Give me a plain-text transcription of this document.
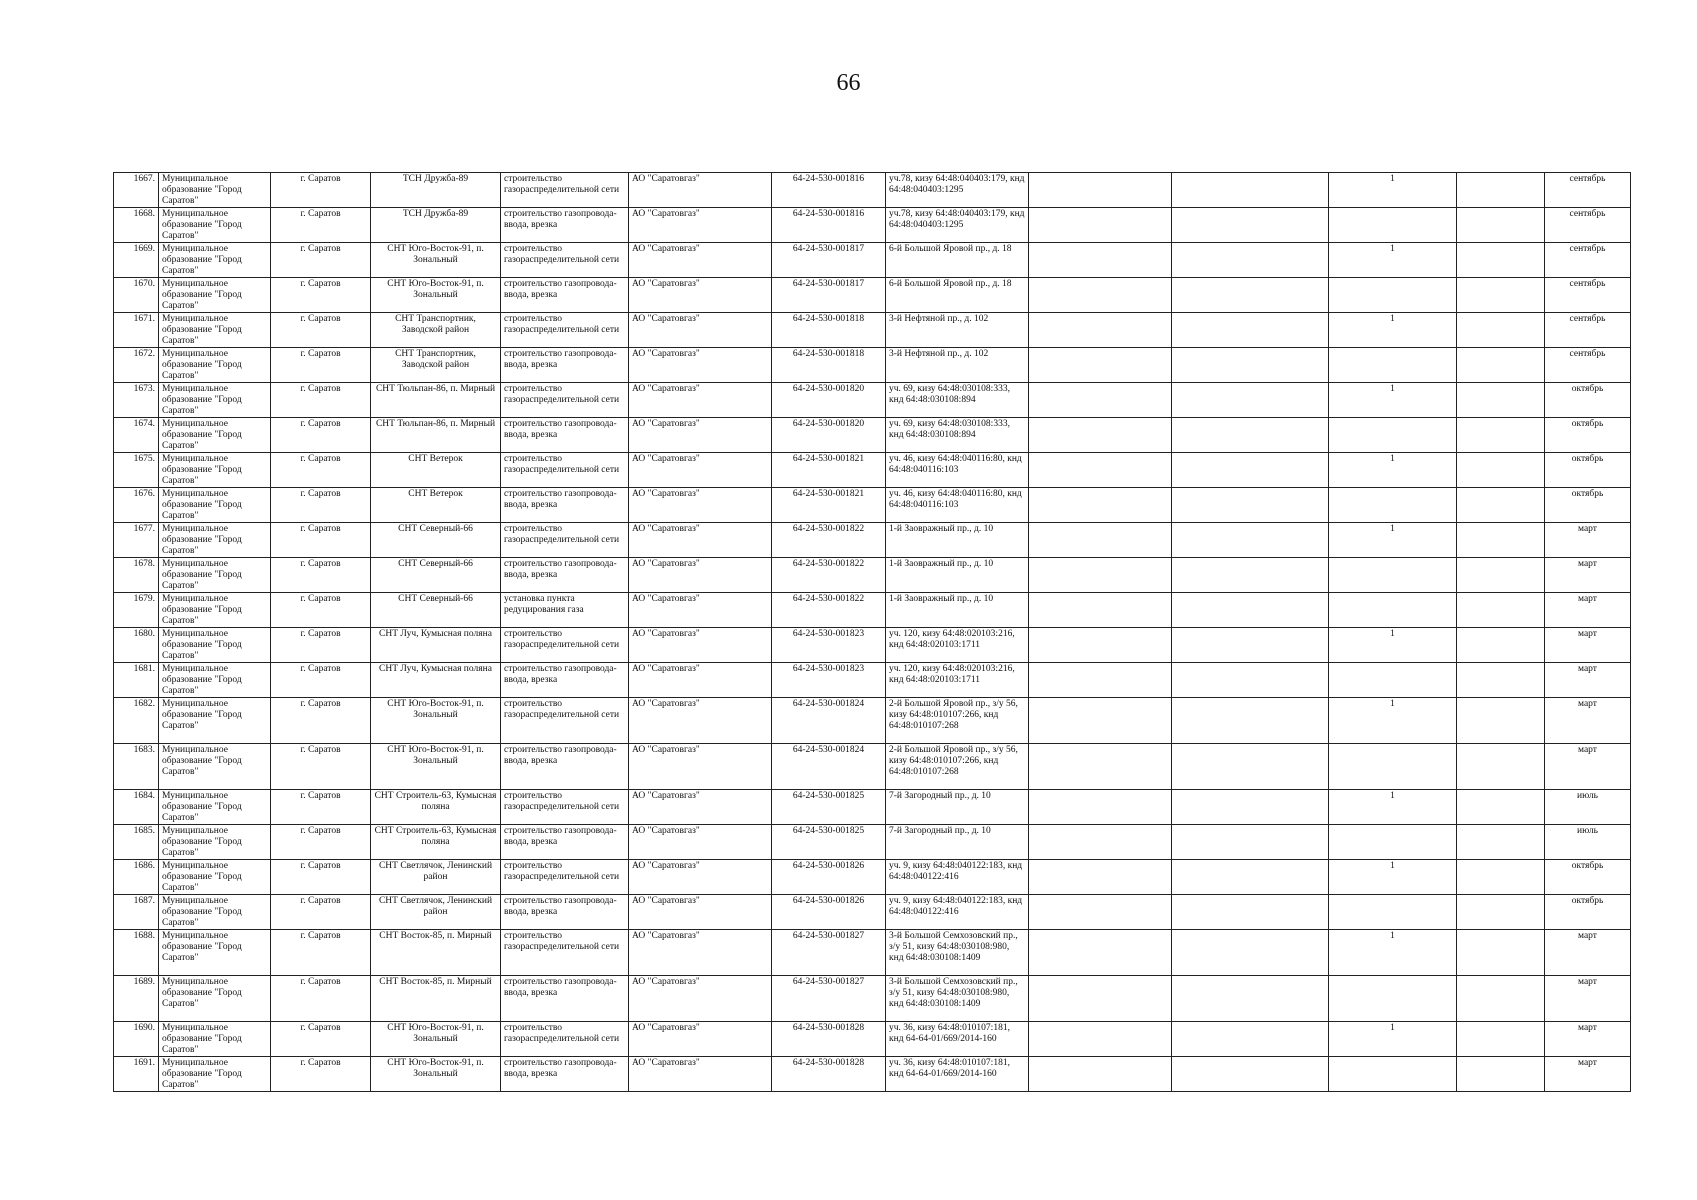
66
1667.	Муниципальное образование "Город Саратов"	г. Саратов	ТСН Дружба-89	строительство газораспределительной сети	АО "Саратовгаз"	64-24-530-001816	уч.78, кизу 64:48:040403:179, кнд 64:48:040403:1295			1		сентябрь	
1668.	Муниципальное образование "Город Саратов"	г. Саратов	ТСН Дружба-89	строительство газопровода-ввода, врезка	АО "Саратовгаз"	64-24-530-001816	уч.78, кизу 64:48:040403:179, кнд 64:48:040403:1295					сентябрь	
1669.	Муниципальное образование "Город Саратов"	г. Саратов	СНТ Юго-Восток-91, п. Зональный	строительство газораспределительной сети	АО "Саратовгаз"	64-24-530-001817	6-й Большой Яровой пр., д. 18			1		сентябрь	
1670.	Муниципальное образование "Город Саратов"	г. Саратов	СНТ Юго-Восток-91, п. Зональный	строительство газопровода-ввода, врезка	АО "Саратовгаз"	64-24-530-001817	6-й Большой Яровой пр., д. 18					сентябрь	
1671.	Муниципальное образование "Город Саратов"	г. Саратов	СНТ Транспортник, Заводской район	строительство газораспределительной сети	АО "Саратовгаз"	64-24-530-001818	3-й Нефтяной пр., д. 102			1		сентябрь	
1672.	Муниципальное образование "Город Саратов"	г. Саратов	СНТ Транспортник, Заводской район	строительство газопровода-ввода, врезка	АО "Саратовгаз"	64-24-530-001818	3-й Нефтяной пр., д. 102					сентябрь	
1673.	Муниципальное образование "Город Саратов"	г. Саратов	СНТ Тюльпан-86, п. Мирный	строительство газораспределительной сети	АО "Саратовгаз"	64-24-530-001820	уч. 69, кизу 64:48:030108:333, кнд 64:48:030108:894			1		октябрь	
1674.	Муниципальное образование "Город Саратов"	г. Саратов	СНТ Тюльпан-86, п. Мирный	строительство газопровода-ввода, врезка	АО "Саратовгаз"	64-24-530-001820	уч. 69, кизу 64:48:030108:333, кнд 64:48:030108:894					октябрь	
1675.	Муниципальное образование "Город Саратов"	г. Саратов	СНТ Ветерок	строительство газораспределительной сети	АО "Саратовгаз"	64-24-530-001821	уч. 46, кизу 64:48:040116:80, кнд 64:48:040116:103			1		октябрь	
1676.	Муниципальное образование "Город Саратов"	г. Саратов	СНТ Ветерок	строительство газопровода-ввода, врезка	АО "Саратовгаз"	64-24-530-001821	уч. 46, кизу 64:48:040116:80, кнд 64:48:040116:103					октябрь	
1677.	Муниципальное образование "Город Саратов"	г. Саратов	СНТ Северный-66	строительство газораспределительной сети	АО "Саратовгаз"	64-24-530-001822	1-й Заовражный пр., д. 10			1		март	
1678.	Муниципальное образование "Город Саратов"	г. Саратов	СНТ Северный-66	строительство газопровода-ввода, врезка	АО "Саратовгаз"	64-24-530-001822	1-й Заовражный пр., д. 10					март	
1679.	Муниципальное образование "Город Саратов"	г. Саратов	СНТ Северный-66	установка пункта редуцирования газа	АО "Саратовгаз"	64-24-530-001822	1-й Заовражный пр., д. 10					март	
1680.	Муниципальное образование "Город Саратов"	г. Саратов	СНТ Луч, Кумысная поляна	строительство газораспределительной сети	АО "Саратовгаз"	64-24-530-001823	уч. 120, кизу 64:48:020103:216, кнд 64:48:020103:1711			1		март	
1681.	Муниципальное образование "Город Саратов"	г. Саратов	СНТ Луч, Кумысная поляна	строительство газопровода-ввода, врезка	АО "Саратовгаз"	64-24-530-001823	уч. 120, кизу 64:48:020103:216, кнд 64:48:020103:1711					март	
1682.	Муниципальное образование "Город Саратов"	г. Саратов	СНТ Юго-Восток-91, п. Зональный	строительство газораспределительной сети	АО "Саратовгаз"	64-24-530-001824	2-й Большой Яровой пр., з/у 56, кизу 64:48:010107:266, кнд 64:48:010107:268			1		март	
1683.	Муниципальное образование "Город Саратов"	г. Саратов	СНТ Юго-Восток-91, п. Зональный	строительство газопровода-ввода, врезка	АО "Саратовгаз"	64-24-530-001824	2-й Большой Яровой пр., з/у 56, кизу 64:48:010107:266, кнд 64:48:010107:268					март	
1684.	Муниципальное образование "Город Саратов"	г. Саратов	СНТ Строитель-63, Кумысная поляна	строительство газораспределительной сети	АО "Саратовгаз"	64-24-530-001825	7-й Загородный пр., д. 10			1		июль	
1685.	Муниципальное образование "Город Саратов"	г. Саратов	СНТ Строитель-63, Кумысная поляна	строительство газопровода-ввода, врезка	АО "Саратовгаз"	64-24-530-001825	7-й Загородный пр., д. 10					июль	
1686.	Муниципальное образование "Город Саратов"	г. Саратов	СНТ Светлячок, Ленинский район	строительство газораспределительной сети	АО "Саратовгаз"	64-24-530-001826	уч. 9, кизу 64:48:040122:183, кнд 64:48:040122:416			1		октябрь	
1687.	Муниципальное образование "Город Саратов"	г. Саратов	СНТ Светлячок, Ленинский район	строительство газопровода-ввода, врезка	АО "Саратовгаз"	64-24-530-001826	уч. 9, кизу 64:48:040122:183, кнд 64:48:040122:416					октябрь	
1688.	Муниципальное образование "Город Саратов"	г. Саратов	СНТ Восток-85, п. Мирный	строительство газораспределительной сети	АО "Саратовгаз"	64-24-530-001827	3-й Большой Семхозовский пр., з/у 51, кизу 64:48:030108:980, кнд 64:48:030108:1409			1		март	
1689.	Муниципальное образование "Город Саратов"	г. Саратов	СНТ Восток-85, п. Мирный	строительство газопровода-ввода, врезка	АО "Саратовгаз"	64-24-530-001827	3-й Большой Семхозовский пр., з/у 51, кизу 64:48:030108:980, кнд 64:48:030108:1409					март	
1690.	Муниципальное образование "Город Саратов"	г. Саратов	СНТ Юго-Восток-91, п. Зональный	строительство газораспределительной сети	АО "Саратовгаз"	64-24-530-001828	уч. 36, кизу 64:48:010107:181, кнд 64-64-01/669/2014-160			1		март	
1691.	Муниципальное образование "Город Саратов"	г. Саратов	СНТ Юго-Восток-91, п. Зональный	строительство газопровода-ввода, врезка	АО "Саратовгаз"	64-24-530-001828	уч. 36, кизу 64:48:010107:181, кнд 64-64-01/669/2014-160					март	
